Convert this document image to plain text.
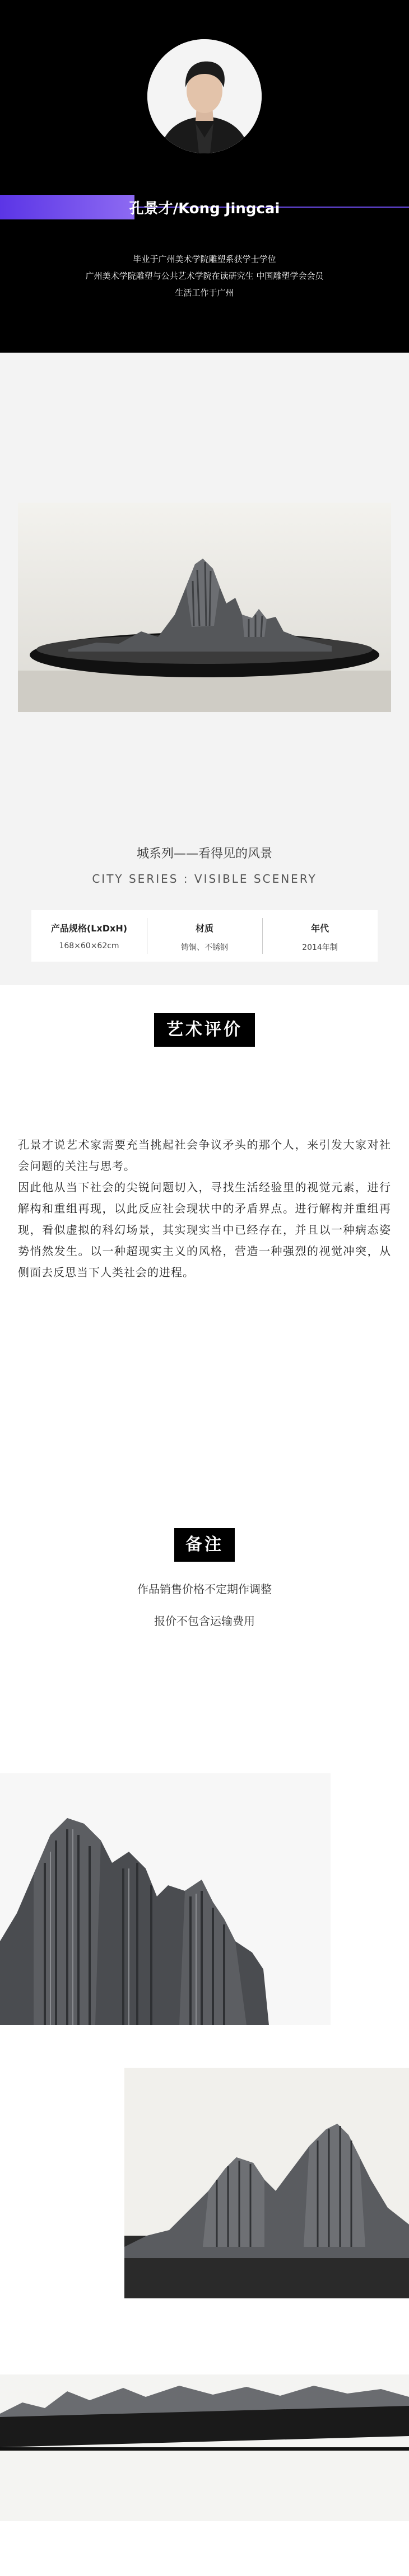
孔景才/Kong Jingcai
毕业于广州美术学院雕塑系获学士学位
广州美术学院雕塑与公共艺术学院在读研究生 中国雕塑学会会员
生活工作于广州
城系列——看得见的风景
CITY SERIES : VISIBLE SCENERY
产品规格(LxDxH)
168×60×62cm
材质
铸铜、不锈钢
年代
2014年制
艺术评价

孔景才说艺术家需要充当挑起社会争议矛头的那个人，来引发大家对社会问题的关注与思考。

因此他从当下社会的尖锐问题切入，寻找生活经验里的视觉元素，进行解构和重组再现，以此反应社会现状中的矛盾界点。进行解构并重组再现，看似虚拟的科幻场景，其实现实当中已经存在，并且以一种病态姿势悄然发生。以一种超现实主义的风格，营造一种强烈的视觉冲突，从侧面去反思当下人类社会的进程。

备注
作品销售价格不定期作调整
报价不包含运输费用
